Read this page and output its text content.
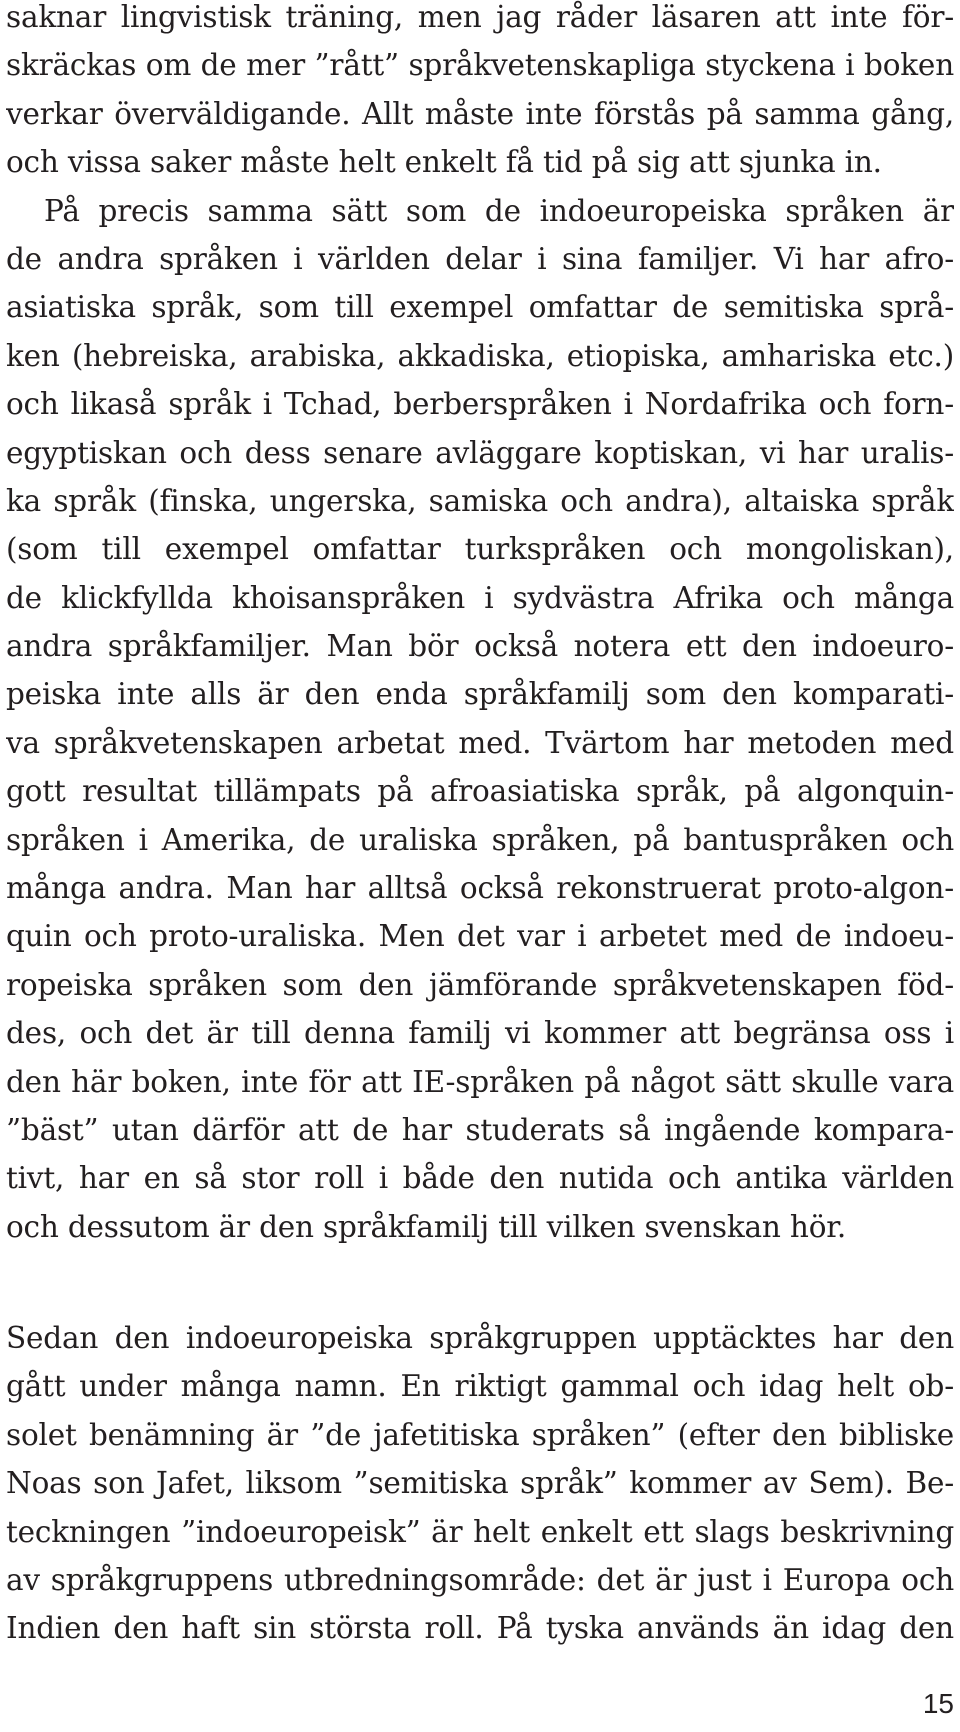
saknar lingvistisk träning, men jag råder läsaren att inte för-
skräckas om de mer ”rått” språkvetenskapliga styckena i boken
verkar överväldigande. Allt måste inte förstås på samma gång,
och vissa saker måste helt enkelt få tid på sig att sjunka in.
På precis samma sätt som de indoeuropeiska språken är
de andra språken i världen delar i sina familjer. Vi har afro-
asiatiska språk, som till exempel omfattar de semitiska språ-
ken (hebreiska, arabiska, akkadiska, etiopiska, amhariska etc.)
och likaså språk i Tchad, berberspråken i Nordafrika och forn-
egyptiskan och dess senare avläggare koptiskan, vi har uralis-
ka språk (finska, ungerska, samiska och andra), altaiska språk
(som till exempel omfattar turkspråken och mongoliskan),
de klickfyllda khoisanspråken i sydvästra Afrika och många
andra språkfamiljer. Man bör också notera ett den indoeuro-
peiska inte alls är den enda språkfamilj som den komparati-
va språkvetenskapen arbetat med. Tvärtom har metoden med
gott resultat tillämpats på afroasiatiska språk, på algonquin-
språken i Amerika, de uraliska språken, på bantuspråken och
många andra. Man har alltså också rekonstruerat proto-algon-
quin och proto-uraliska. Men det var i arbetet med de indoeu-
ropeiska språken som den jämförande språkvetenskapen föd-
des, och det är till denna familj vi kommer att begränsa oss i
den här boken, inte för att IE-språken på något sätt skulle vara
”bäst” utan därför att de har studerats så ingående kompara-
tivt, har en så stor roll i både den nutida och antika världen
och dessutom är den språkfamilj till vilken svenskan hör.
Sedan den indoeuropeiska språkgruppen upptäcktes har den
gått under många namn. En riktigt gammal och idag helt ob-
solet benämning är ”de jafetitiska språken” (efter den bibliske
Noas son Jafet, liksom ”semitiska språk” kommer av Sem). Be-
teckningen ”indoeuropeisk” är helt enkelt ett slags beskrivning
av språkgruppens utbredningsområde: det är just i Europa och
Indien den haft sin största roll. På tyska används än idag den
15
